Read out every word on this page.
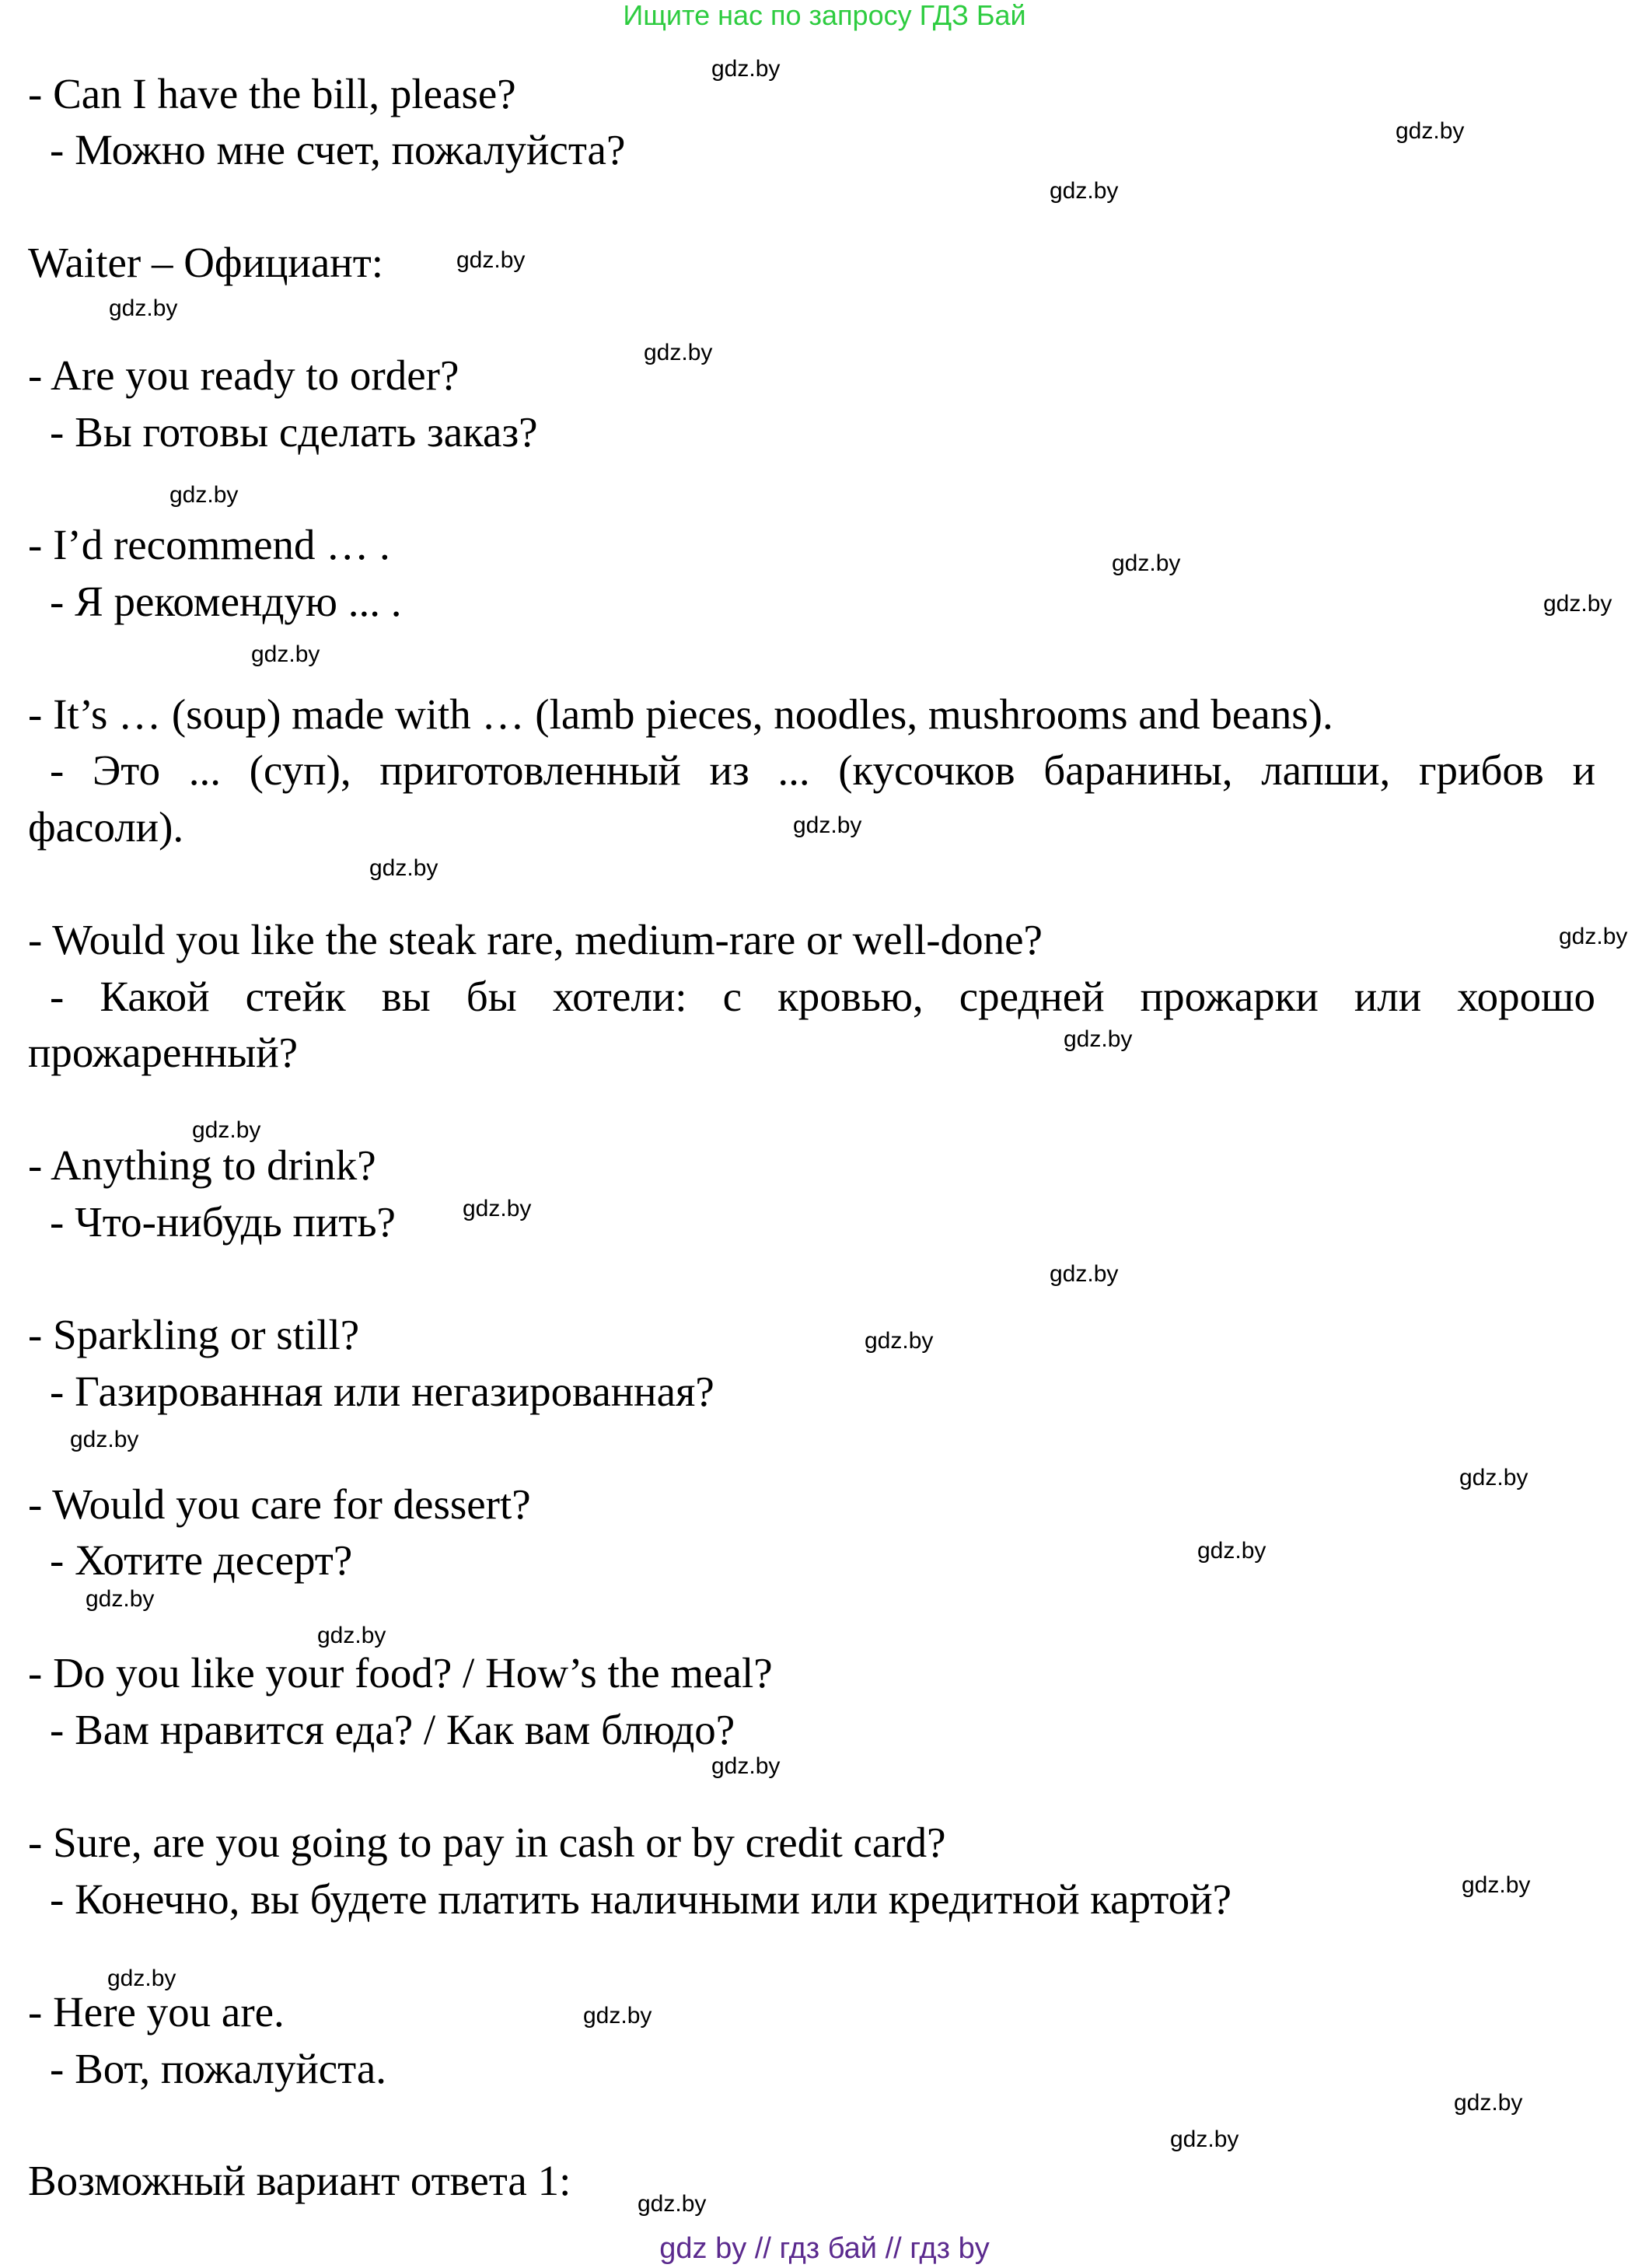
Ищите нас по запросу ГДЗ Бай
- Can I have the bill, please?
- Можно мне счет, пожалуйста?
Waiter – Официант:
- Are you ready to order?
- Вы готовы сделать заказ?
- I’d recommend … .
- Я рекомендую ... .
- It’s … (soup) made with … (lamb pieces, noodles, mushrooms and beans).
- Это ... (суп), приготовленный из ... (кусочков баранины, лапши, грибов и
фасоли).
- Would you like the steak rare, medium-rare or well-done?
- Какой стейк вы бы хотели: с кровью, средней прожарки или хорошо
прожаренный?
- Anything to drink?
- Что-нибудь пить?
- Sparkling or still?
- Газированная или негазированная?
- Would you care for dessert?
- Хотите десерт?
- Do you like your food? / How’s the meal?
- Вам нравится еда? / Как вам блюдо?
- Sure, are you going to pay in cash or by credit card?
- Конечно, вы будете платить наличными или кредитной картой?
- Here you are.
- Вот, пожалуйста.
Возможный вариант ответа 1:
gdz.by
gdz.by
gdz.by
gdz.by
gdz.by
gdz.by
gdz.by
gdz.by
gdz.by
gdz.by
gdz.by
gdz.by
gdz.by
gdz.by
gdz.by
gdz.by
gdz.by
gdz.by
gdz.by
gdz.by
gdz.by
gdz.by
gdz.by
gdz.by
gdz.by
gdz.by
gdz.by
gdz.by
gdz.by
gdz.by
gdz by // гдз бай // гдз by
